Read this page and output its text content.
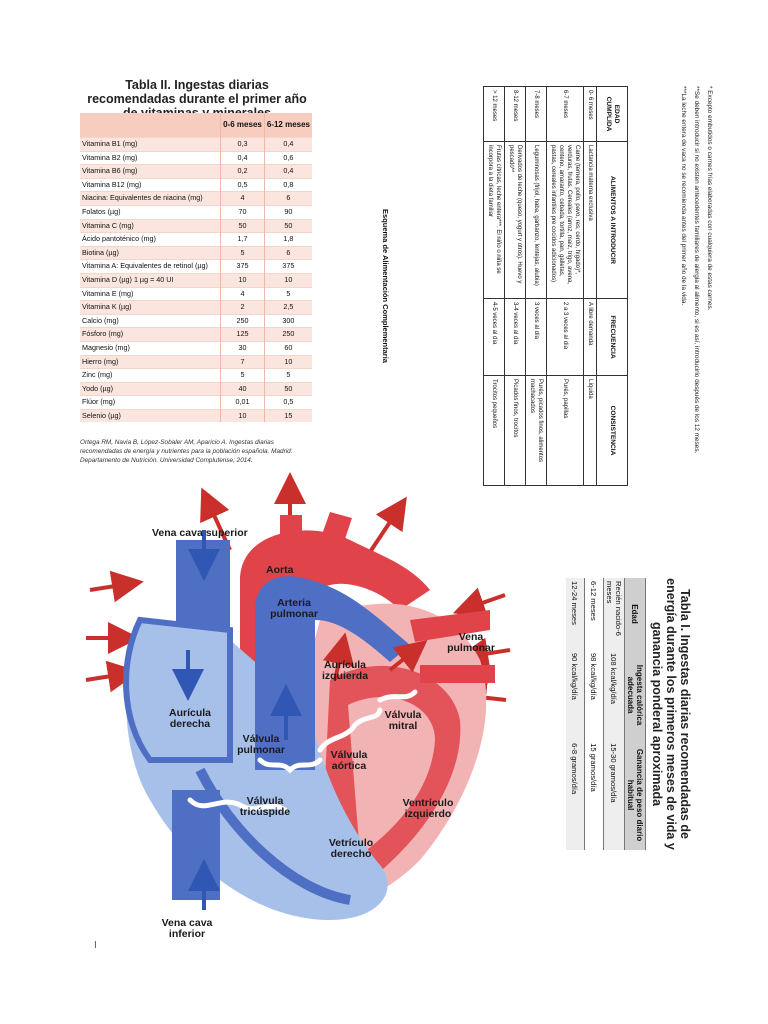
Tabla II. Ingestas diarias recomendadas durante el primer año
	0-6 meses	6-12 meses
Vitamina B1 (mg)	0,3	0,4
Vitamina B2 (mg)	0,4	0,6
Vitamina B6 (mg)	0,2	0,4
Vitamina B12 (mg)	0,5	0,8
Niacina: Equivalentes de niacina (mg)	4	6
Folatos (µg)	70	90
Vitamina C (mg)	50	50
Ácido pantoténico (mg)	1,7	1,8
Biotina (µg)	5	6
Vitamina A: Equivalentes de retinol (µg)	375	375
Vitamina D (µg) 1 µg = 40 UI	10	10
Vitamina E (mg)	4	5
Vitamina K (µg)	2	2,5
Calcio (mg)	250	300
Fósforo (mg)	125	250
Magnesio (mg)	30	60
Hierro (mg)	7	10
Zinc (mg)	5	5
Yodo (µg)	40	50
Flúor (mg)	0,01	0,5
Selenio (µg)	10	15
Ortega RM, Navia B, López-Sobaler AM, Aparicio A. Ingestas diarias recomendadas de energía y nutrientes para la población española. Madrid: Departamento de Nutrición. Universidad Complutense; 2014.
* Excepto embutidos o carnes frías elaboradas con cualquiera de estas carnes.
**Se deben introducir si no existen antecedentes familiares de alergia al alimento, si es así, introducirlo después de los 12 meses.
***La leche entera de vaca no se recomienda antes del primer año de la vida.
EDAD CUMPLIDA	ALIMENTOS A INTRODUCIR	FRECUENCIA	CONSISTENCIA
0- 6 meses	Lactancia materna exclusiva	A libre demanda	Líquida
6-7 meses	Carne (ternera, pollo, pavo, res, cerdo, hígado)*, verduras, frutas. Cereales (arroz, maíz, trigo, avena, centeno, amaranto, cebada, tortilla, pan, galletas, pastas, cereales infantiles pre cocidos adicionados)	2 a 3 veces al día	Purés, papillas
7-8 meses	Leguminosas (frijol, haba, garbanzo, lentejas, alubia)	3 veces al día	Purés, picados finos, alimentos machacados
8-12 meses	Derivados de leche (queso, yogurt y otros). Huevo y pescado**	3-4 veces al día	Picados finos, trocitos
> 12 meses	Frutas cítricas, leche entera***. El niño o niña se incorpora a la dieta familiar	4-5 veces al día	Trocitos pequeños
Esquema de Alimentación Complementaria
Tabla I. Ingestas diarias recomendadas de energía durante los primeros meses de vida y ganancia ponderal aproximada
Edad	Ingesta calórica adecuada	Ganancia de peso diario habitual
Recién nacido-6 meses	108 kcal/kg/día	15-30 gramos/día
6-12 meses	98 kcal/kg/día	15 gramos/día
12-24 meses	90 kcal/kg/día	6-8 gramos/día
Vena cava superior
Aorta
Arteria pulmonar
Vena pulmonar
Aurícula izquierda
Aurícula derecha
Válvula mitral
Válvula pulmonar	Válvula aórtica
Ventrículo izquierdo
Válvula tricúspide
Vetrículo derecho
Vena cava inferior
I
